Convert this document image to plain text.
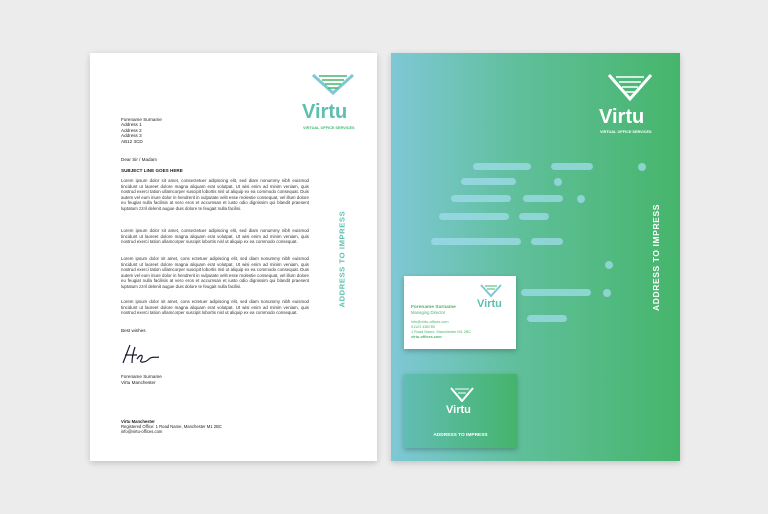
Virtu
VIRTUAL OFFICE SERVICES
Forename Surname
Address 1
Address 2
Address 3
AB12 3CD
Dear Sir / Madam
SUBJECT LINE GOES HERE
Lorem ipsum dolor sit amet, consectetuer adipiscing elit, sed diam nonummy nibh euismod tincidunt ut laoreet dolore magna aliquam erat volutpat. Ut wisi enim ad minim veniam, quis nostrud exerci tation ullamcorper suscipit lobortis nisl ut aliquip ex ea commodo consequat. Duis autem vel eum iriure dolor in hendrerit in vulputate velit esse molestie consequat, vel illum dolore eu feugiat nulla facilisis at vero eros et accumsan et iusto odio dignissim qui blandit praesent luptatum zzril delenit augue duis dolore te feugait nulla facilisi.
Lorem ipsum dolor sit amet, consectetuer adipiscing elit, sed diam nonummy nibh euismod tincidunt ut laoreet dolore magna aliquam erat volutpat. Ut wisi enim ad minim veniam, quis nostrud exerci tation ullamcorper suscipit lobortis nisl ut aliquip ex ea commodo consequat.
Lorem ipsum dolor sit amet, cons ectetuer adipiscing elit, sed diam nonummy nibh euismod tincidunt ut laoreet dolore magna aliquam erat volutpat. Ut wisi enim ad minim veniam, quis nostrud exerci tation ullamcorper suscipit lobortis nisl ut aliquip ex ea commodo consequat. Duis autem vel eum iriure dolor in hendrerit in vulputate velit esse molestie consequat, vel illum dolore eu feugiat nulla facilisis at vero eros et accumsan et iusto odio dignissim qui blandit praesent luptatum zzril delenit augue duis dolore te feugait nulla facilisi.
Lorem ipsum dolor sit amet, cons ectetuer adipiscing elit, sed diam nonummy nibh euismod tincidunt ut laoreet dolore magna aliquam erat volutpat. Ut wisi enim ad minim veniam, quis nostrud exerci tation ullamcorper suscipit lobortis nisl ut aliquip ex ea commodo consequat.
Best wishes
Forename Surname
Virtu Manchester
Virtu Manchester
Registered Office: 1 Road Name, Manchester M1 2BC
info@virtu-offices.com
ADDRESS TO IMPRESS
Virtu
VIRTUAL OFFICE SERVICES
ADDRESS TO IMPRESS
Forename Surname
Managing Director
info@virtu-offices.com
01123 456789
1 Road Name, Manchester M1 2BC
virtu-offices.com
Virtu
Virtu
ADDRESS TO IMPRESS
